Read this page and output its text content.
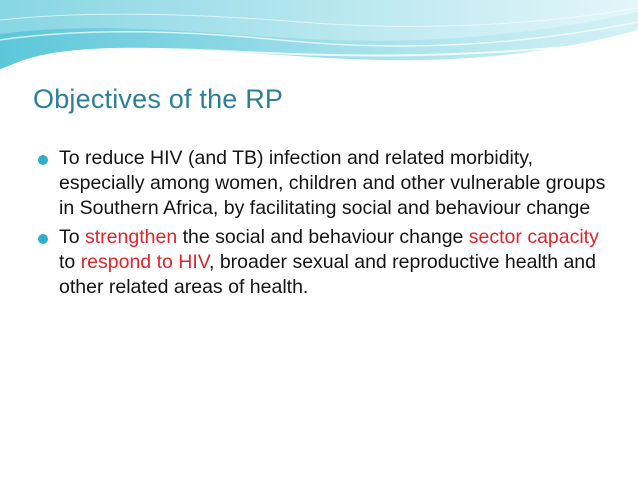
Objectives of the RP
To reduce HIV (and TB) infection and related morbidity, especially among women, children and other vulnerable groups in Southern Africa, by facilitating social and behaviour change
To strengthen the social and behaviour change sector capacity to respond to HIV, broader sexual and reproductive health and other related areas of health.
